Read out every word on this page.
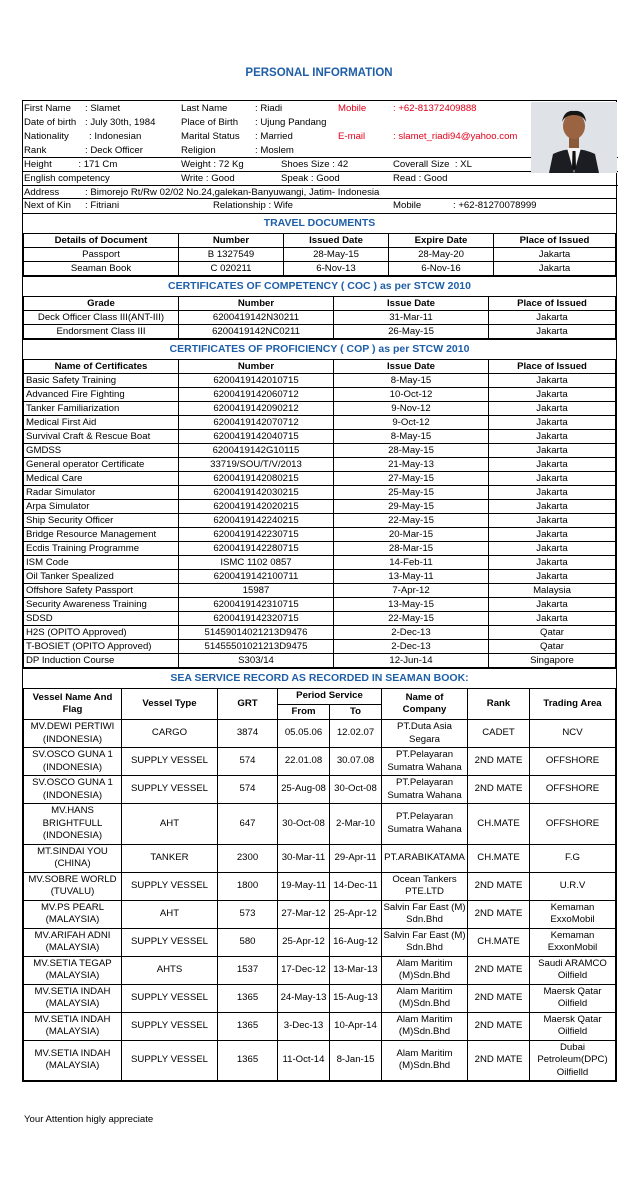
PERSONAL INFORMATION
First Name : Slamet	Last Name	: Riadi	Mobile	: +62-81372409888
Date of birth : July 30th, 1984	Place of Birth : Ujung Pandang
Nationality : Indonesian	Marital Status : Married	E-mail	: slamet_riadi94@yahoo.com
Rank	: Deck Officer	Religion	: Moslem
Height          : 171 Cm	Weight : 72 Kg	Shoes Size : 42	Coverall Size  : XL
English competency	Write : Good	Speak : Good	Read : Good
Address	: Bimorejo Rt/Rw 02/02 No.24,galekan-Banyuwangi, Jatim- Indonesia
Next of Kin : Fitriani	Relationship : Wife	Mobile	: +62-81270078999
TRAVEL DOCUMENTS
Details of Document	Number	Issued Date	Expire Date	Place of Issued
Passport	B 1327549	28-May-15	28-May-20	Jakarta
Seaman Book	C 020211	6-Nov-13	6-Nov-16	Jakarta
CERTIFICATES OF COMPETENCY ( COC ) as per STCW 2010
Grade	Number	Issue Date	Place of Issued
Deck Officer Class III(ANT-III)	6200419142N30211	31-Mar-11	Jakarta
Endorsment Class III	6200419142NC0211	26-May-15	Jakarta
CERTIFICATES OF PROFICIENCY ( COP ) as per STCW 2010
Name of Certificates	Number	Issue Date	Place of Issued
Basic Safety Training	6200419142010715	8-May-15	Jakarta
Advanced Fire Fighting	6200419142060712	10-Oct-12	Jakarta
Tanker Familiarization	6200419142090212	9-Nov-12	Jakarta
Medical First Aid	6200419142070712	9-Oct-12	Jakarta
Survival Craft & Rescue Boat	6200419142040715	8-May-15	Jakarta
GMDSS	6200419142G10115	28-May-15	Jakarta
General operator Certificate	33719/SOU/T/V/2013	21-May-13	Jakarta
Medical Care	6200419142080215	27-May-15	Jakarta
Radar Simulator	6200419142030215	25-May-15	Jakarta
Arpa Simulator	6200419142020215	29-May-15	Jakarta
Ship Security Officer	6200419142240215	22-May-15	Jakarta
Bridge Resource Management	6200419142230715	20-Mar-15	Jakarta
Ecdis Training Programme	6200419142280715	28-Mar-15	Jakarta
ISM Code	ISMC 1102 0857	14-Feb-11	Jakarta
Oil Tanker Spealized	6200419142100711	13-May-11	Jakarta
Offshore Safety Passport	15987	7-Apr-12	Malaysia
Security Awareness Training	6200419142310715	13-May-15	Jakarta
SDSD	6200419142320715	22-May-15	Jakarta
H2S (OPITO Approved)	51459014021213D9476	2-Dec-13	Qatar
T-BOSIET (OPITO Approved)	51455501021213D9475	2-Dec-13	Qatar
DP Induction Course	S303/14	12-Jun-14	Singapore
SEA SERVICE RECORD AS RECORDED IN SEAMAN BOOK:
Vessel Name And Flag	Vessel Type	GRT	Period Service		Name of Company	Rank	Trading Area
			From	To			
MV.DEWI PERTIWI (INDONESIA)	CARGO	3874	05.05.06	12.02.07	PT.Duta Asia Segara	CADET	NCV
SV.OSCO GUNA 1 (INDONESIA)	SUPPLY VESSEL	574	22.01.08	30.07.08	PT.Pelayaran Sumatra Wahana	2ND MATE	OFFSHORE
SV.OSCO GUNA 1 (INDONESIA)	SUPPLY VESSEL	574	25-Aug-08	30-Oct-08	PT.Pelayaran Sumatra Wahana	2ND MATE	OFFSHORE
MV.HANS BRIGHTFULL (INDONESIA)	AHT	647	30-Oct-08	2-Mar-10	PT.Pelayaran Sumatra Wahana	CH.MATE	OFFSHORE
MT.SINDAI YOU (CHINA)	TANKER	2300	30-Mar-11	29-Apr-11	PT.ARABIKATAMA	CH.MATE	F.G
MV.SOBRE WORLD (TUVALU)	SUPPLY VESSEL	1800	19-May-11	14-Dec-11	Ocean Tankers PTE.LTD	2ND MATE	U.R.V
MV.PS PEARL (MALAYSIA)	AHT	573	27-Mar-12	25-Apr-12	Salvin Far East (M) Sdn.Bhd	2ND MATE	Kemaman ExxoMobil
MV.ARIFAH ADNI (MALAYSIA)	SUPPLY VESSEL	580	25-Apr-12	16-Aug-12	Salvin Far East (M) Sdn.Bhd	CH.MATE	Kemaman ExxonMobil
MV.SETIA TEGAP (MALAYSIA)	AHTS	1537	17-Dec-12	13-Mar-13	Alam Maritim (M)Sdn.Bhd	2ND MATE	Saudi ARAMCO Oilfield
MV.SETIA INDAH (MALAYSIA)	SUPPLY VESSEL	1365	24-May-13	15-Aug-13	Alam Maritim (M)Sdn.Bhd	2ND MATE	Maersk Qatar Oilfield
MV.SETIA INDAH (MALAYSIA)	SUPPLY VESSEL	1365	3-Dec-13	10-Apr-14	Alam Maritim (M)Sdn.Bhd	2ND MATE	Maersk Qatar Oilfield
MV.SETIA INDAH (MALAYSIA)	SUPPLY VESSEL	1365	11-Oct-14	8-Jan-15	Alam Maritim (M)Sdn.Bhd	2ND MATE	Dubai Petroleum(DPC) Oilfielld
Your Attention higly appreciate
